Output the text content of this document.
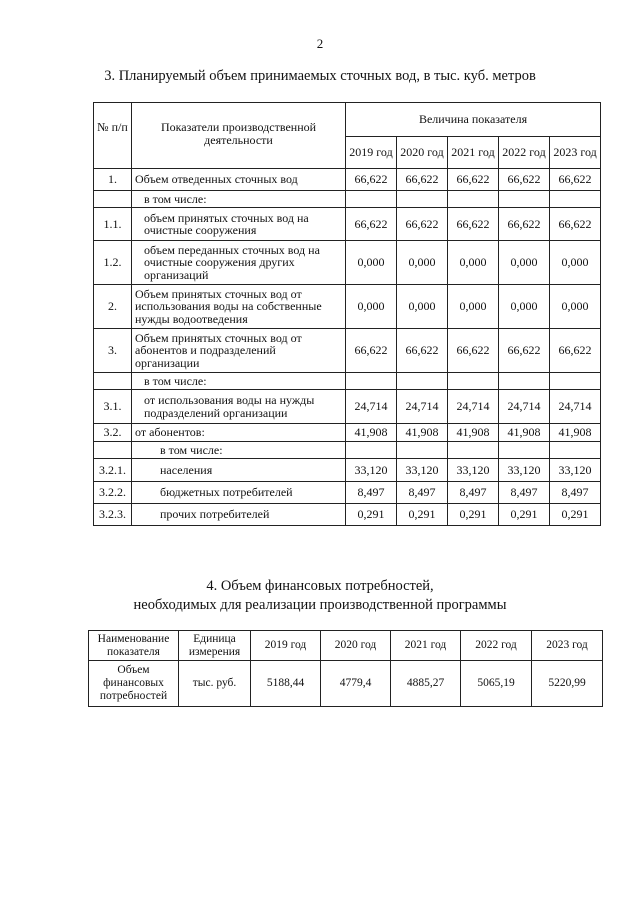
2
3. Планируемый объем принимаемых сточных вод, в тыс. куб. метров
№ п/п	Показатели производственной деятельности	Величина показателя				
		2019 год	2020 год	2021 год	2022 год	2023 год
1.	Объем отведенных сточных вод	66,622	66,622	66,622	66,622	66,622
	в том числе:					
1.1.	объем принятых сточных вод на очистные сооружения	66,622	66,622	66,622	66,622	66,622
1.2.	объем переданных сточных вод на очистные сооружения других организаций	0,000	0,000	0,000	0,000	0,000
2.	Объем принятых сточных вод от использования воды на собственные нужды водоотведения	0,000	0,000	0,000	0,000	0,000
3.	Объем принятых сточных вод от абонентов и подразделений организации	66,622	66,622	66,622	66,622	66,622
	в том числе:					
3.1.	от использования воды на нужды подразделений организации	24,714	24,714	24,714	24,714	24,714
3.2.	от абонентов:	41,908	41,908	41,908	41,908	41,908
	в том числе:					
3.2.1.	населения	33,120	33,120	33,120	33,120	33,120
3.2.2.	бюджетных потребителей	8,497	8,497	8,497	8,497	8,497
3.2.3.	прочих потребителей	0,291	0,291	0,291	0,291	0,291
4. Объем финансовых потребностей,
необходимых для реализации производственной программы
Наименование показателя	Единица измерения	2019 год	2020 год	2021 год	2022 год	2023 год
Объем финансовых потребностей	тыс. руб.	5188,44	4779,4	4885,27	5065,19	5220,99
